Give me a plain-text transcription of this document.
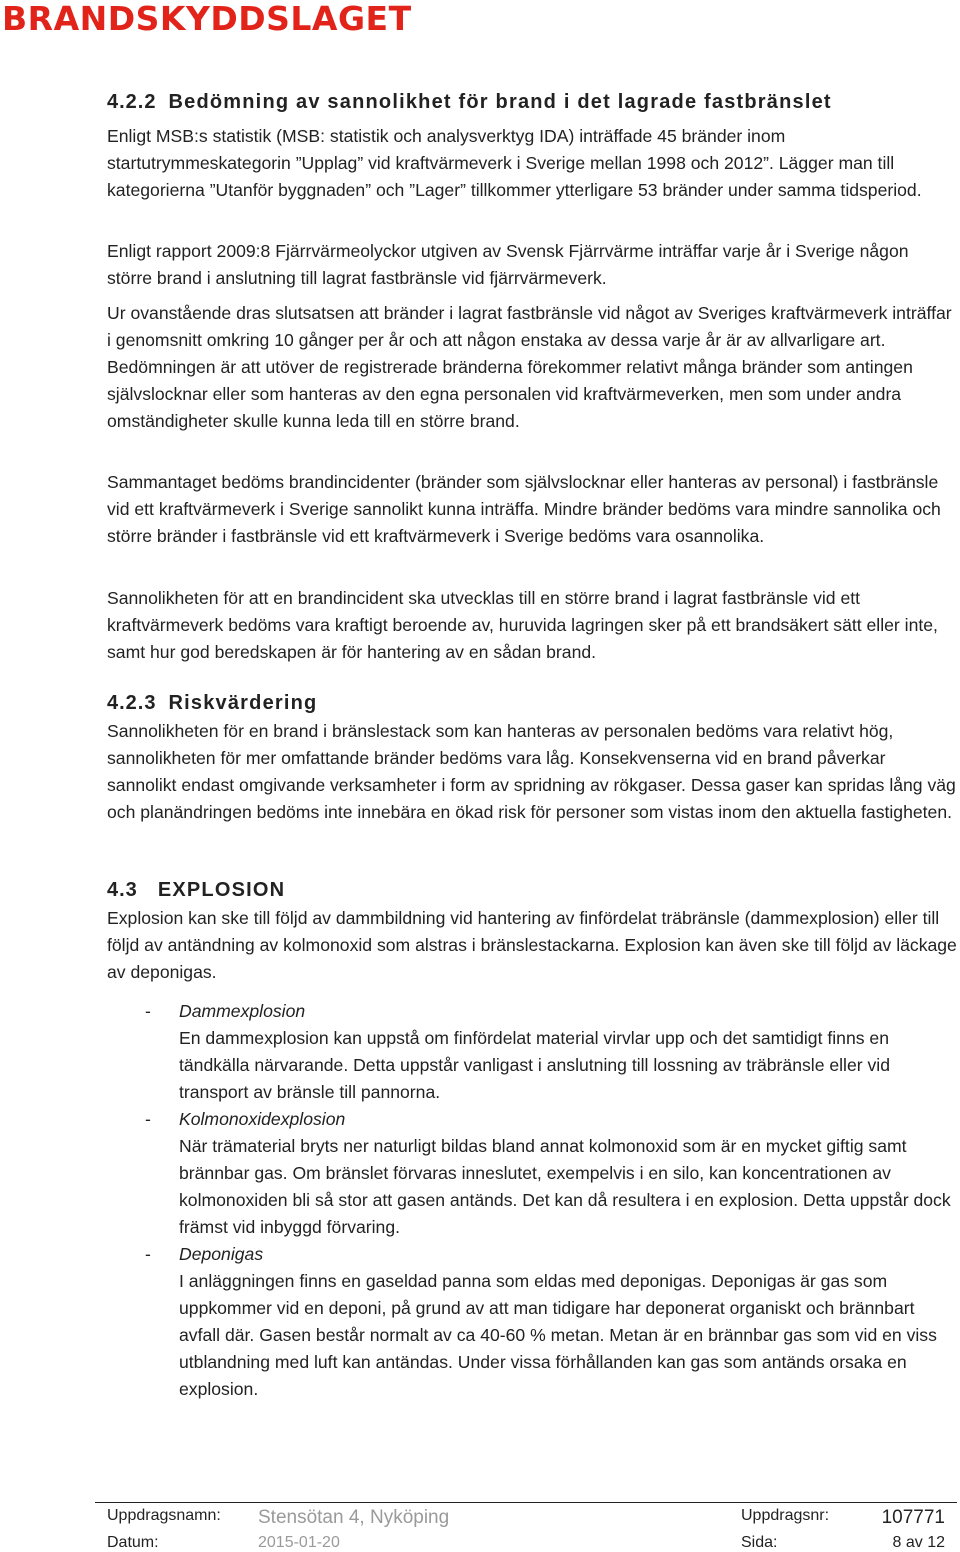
BRANDSKYDDSLAGET
4.2.2 Bedömning av sannolikhet för brand i det lagrade fastbränslet

Enligt MSB:s statistik (MSB: statistik och analysverktyg IDA) inträffade 45 bränder inom startutrymmeskategorin ”Upplag” vid kraftvärmeverk i Sverige mellan 1998 och 2012”. Lägger man till kategorierna ”Utanför byggnaden” och ”Lager” tillkommer ytterligare 53 bränder under samma tidsperiod.

Enligt rapport 2009:8 Fjärrvärmeolyckor utgiven av Svensk Fjärrvärme inträffar varje år i Sverige någon större brand i anslutning till lagrat fastbränsle vid fjärrvärmeverk.

Ur ovanstående dras slutsatsen att bränder i lagrat fastbränsle vid något av Sveriges kraftvärmeverk inträffar i genomsnitt omkring 10 gånger per år och att någon enstaka av dessa varje år är av allvarligare art. Bedömningen är att utöver de registrerade bränderna förekommer relativt många bränder som antingen självslocknar eller som hanteras av den egna personalen vid kraftvärmeverken, men som under andra omständigheter skulle kunna leda till en större brand.

Sammantaget bedöms brandincidenter (bränder som självslocknar eller hanteras av personal) i fastbränsle vid ett kraftvärmeverk i Sverige sannolikt kunna inträffa. Mindre bränder bedöms vara mindre sannolika och större bränder i fastbränsle vid ett kraftvärmeverk i Sverige bedöms vara osannolika.

Sannolikheten för att en brandincident ska utvecklas till en större brand i lagrat fastbränsle vid ett kraftvärmeverk bedöms vara kraftigt beroende av, huruvida lagringen sker på ett brandsäkert sätt eller inte, samt hur god beredskapen är för hantering av en sådan brand.

4.2.3 Riskvärdering

Sannolikheten för en brand i bränslestack som kan hanteras av personalen bedöms vara relativt hög, sannolikheten för mer omfattande bränder bedöms vara låg. Konsekvenserna vid en brand påverkar sannolikt endast omgivande verksamheter i form av spridning av rökgaser. Dessa gaser kan spridas lång väg och planändringen bedöms inte innebära en ökad risk för personer som vistas inom den aktuella fastigheten.

4.3 EXPLOSION

Explosion kan ske till följd av dammbildning vid hantering av finfördelat träbränsle (dammexplosion) eller till följd av antändning av kolmonoxid som alstras i bränslestackarna. Explosion kan även ske till följd av läckage av deponigas.

- Dammexplosion
En dammexplosion kan uppstå om finfördelat material virvlar upp och det samtidigt finns en tändkälla närvarande. Detta uppstår vanligast i anslutning till lossning av träbränsle eller vid transport av bränsle till pannorna.
- Kolmonoxidexplosion
När trämaterial bryts ner naturligt bildas bland annat kolmonoxid som är en mycket giftig samt brännbar gas. Om bränslet förvaras inneslutet, exempelvis i en silo, kan koncentrationen av kolmonoxiden bli så stor att gasen antänds. Det kan då resultera i en explosion. Detta uppstår dock främst vid inbyggd förvaring.
- Deponigas
I anläggningen finns en gaseldad panna som eldas med deponigas. Deponigas är gas som uppkommer vid en deponi, på grund av att man tidigare har deponerat organiskt och brännbart avfall där. Gasen består normalt av ca 40-60 % metan. Metan är en brännbar gas som vid en viss utblandning med luft kan antändas. Under vissa förhållanden kan gas som antänds orsaka en explosion.
Uppdragsnamn: Stensötan 4, Nyköping	Uppdragsnr:	107771
Datum:	2015-01-20	Sida:	8 av 12
